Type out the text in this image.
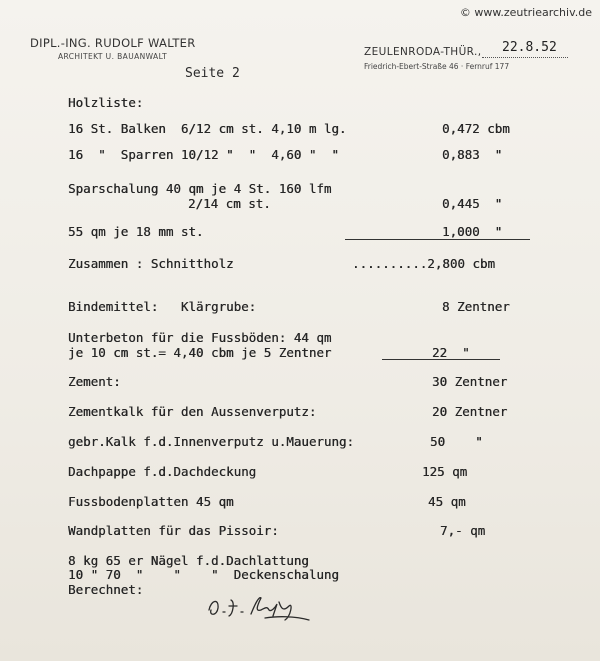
© www.zeutriearchiv.de
DIPL.-ING. RUDOLF WALTER
ARCHITEKT U. BAUANWALT	ZEULENRODA-THÜR.,
Friedrich-Ebert-Straße 46 · Fernruf 177
22.8.52
Seite 2
Holzliste:
16 St. Balken  6/12 cm st. 4,10 m lg.	0,472 cbm
16  "  Sparren 10/12 "  "  4,60 "  "	0,883  "
Sparschalung 40 qm je 4 St. 160 lfm
2/14 cm st.	0,445  "
55 qm je 18 mm st.	1,000  "
Zusammen : Schnittholz	..........2,800 cbm
Bindemittel:   Klärgrube:	8 Zentner
Unterbeton für die Fussböden: 44 qm
je 10 cm st.= 4,40 cbm je 5 Zentner	22  "
Zement:	30 Zentner
Zementkalk für den Aussenverputz:	20 Zentner
gebr.Kalk f.d.Innenverputz u.Mauerung:	50    "
Dachpappe f.d.Dachdeckung	125 qm
Fussbodenplatten 45 qm	45 qm
Wandplatten für das Pissoir:	7,- qm
8 kg 65 er Nägel f.d.Dachlattung
10 " 70  "    "    "  Deckenschalung
Berechnet:
